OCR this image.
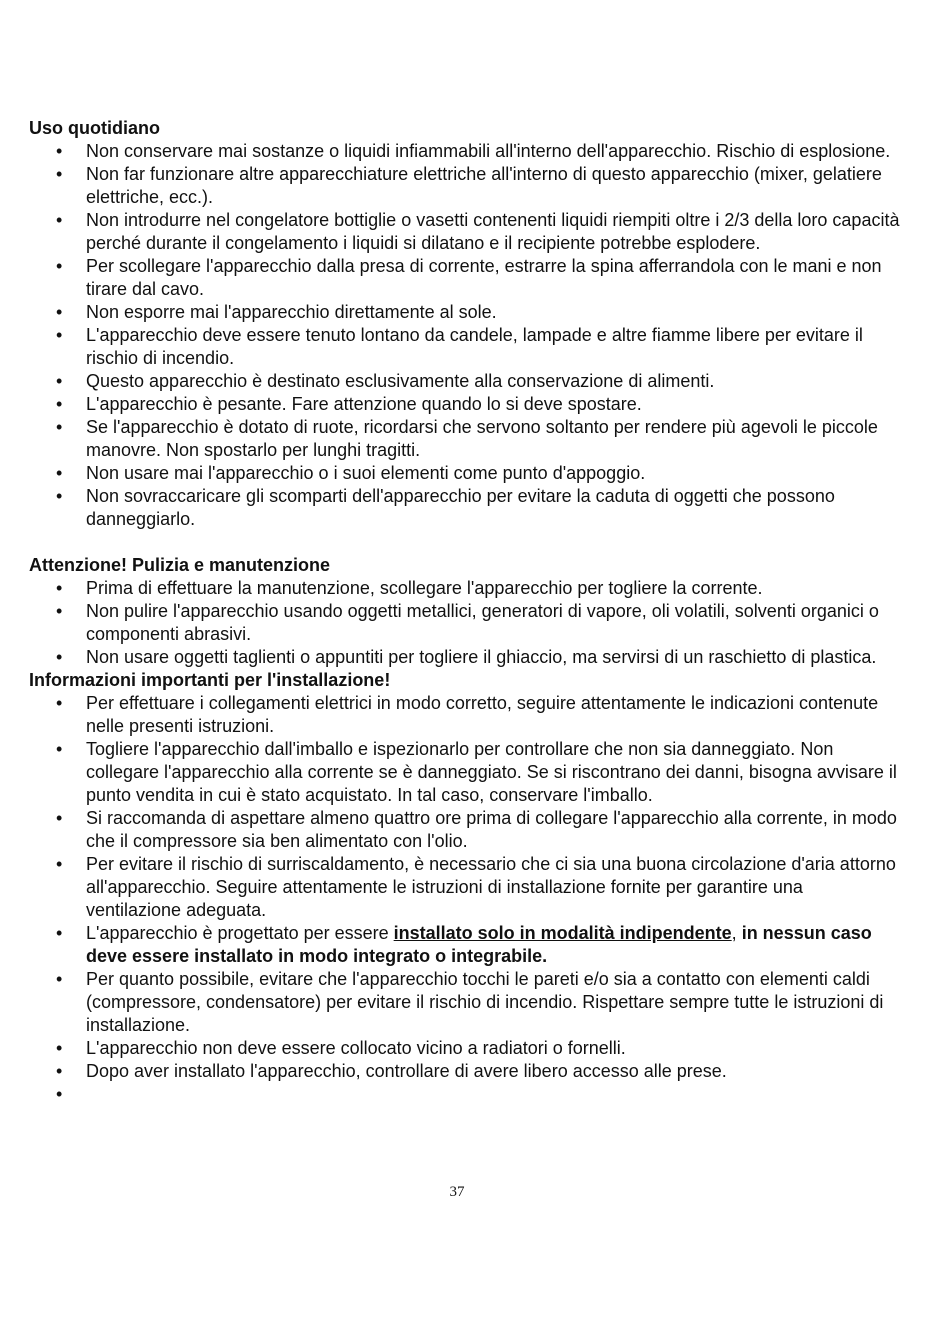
Uso quotidiano
• Non conservare mai sostanze o liquidi infiammabili all'interno dell'apparecchio. Rischio di esplosione.
• Non far funzionare altre apparecchiature elettriche all'interno di questo apparecchio (mixer, gelatiere elettriche, ecc.).
• Non introdurre nel congelatore bottiglie o vasetti contenenti liquidi riempiti oltre i 2/3 della loro capacità perché durante il congelamento i liquidi si dilatano e il recipiente potrebbe esplodere.
• Per scollegare l'apparecchio dalla presa di corrente, estrarre la spina afferrandola con le mani e non tirare dal cavo.
• Non esporre mai l'apparecchio direttamente al sole.
• L'apparecchio deve essere tenuto lontano da candele, lampade e altre fiamme libere per evitare il rischio di incendio.
• Questo apparecchio è destinato esclusivamente alla conservazione di alimenti.
• L'apparecchio è pesante. Fare attenzione quando lo si deve spostare.
• Se l'apparecchio è dotato di ruote, ricordarsi che servono soltanto per rendere più agevoli le piccole manovre. Non spostarlo per lunghi tragitti.
• Non usare mai l'apparecchio o i suoi elementi come punto d'appoggio.
• Non sovraccaricare gli scomparti dell'apparecchio per evitare la caduta di oggetti che possono danneggiarlo.
Attenzione! Pulizia e manutenzione
• Prima di effettuare la manutenzione, scollegare l'apparecchio per togliere la corrente.
• Non pulire l'apparecchio usando oggetti metallici, generatori di vapore, oli volatili, solventi organici o componenti abrasivi.
• Non usare oggetti taglienti o appuntiti per togliere il ghiaccio, ma servirsi di un raschietto di plastica.
Informazioni importanti per l'installazione!
• Per effettuare i collegamenti elettrici in modo corretto, seguire attentamente le indicazioni contenute nelle presenti istruzioni.
• Togliere l'apparecchio dall'imballo e ispezionarlo per controllare che non sia danneggiato. Non collegare l'apparecchio alla corrente se è danneggiato. Se si riscontrano dei danni, bisogna avvisare il punto vendita in cui è stato acquistato. In tal caso, conservare l'imballo.
• Si raccomanda di aspettare almeno quattro ore prima di collegare l'apparecchio alla corrente, in modo che il compressore sia ben alimentato con l'olio.
• Per evitare il rischio di surriscaldamento, è necessario che ci sia una buona circolazione d'aria attorno all'apparecchio. Seguire attentamente le istruzioni di installazione fornite per garantire una ventilazione adeguata.
• L'apparecchio è progettato per essere installato solo in modalità indipendente, in nessun caso deve essere installato in modo integrato o integrabile.
• Per quanto possibile, evitare che l'apparecchio tocchi le pareti e/o sia a contatto con elementi caldi (compressore, condensatore) per evitare il rischio di incendio. Rispettare sempre tutte le istruzioni di installazione.
• L'apparecchio non deve essere collocato vicino a radiatori o fornelli.
• Dopo aver installato l'apparecchio, controllare di avere libero accesso alle prese.
•
37
